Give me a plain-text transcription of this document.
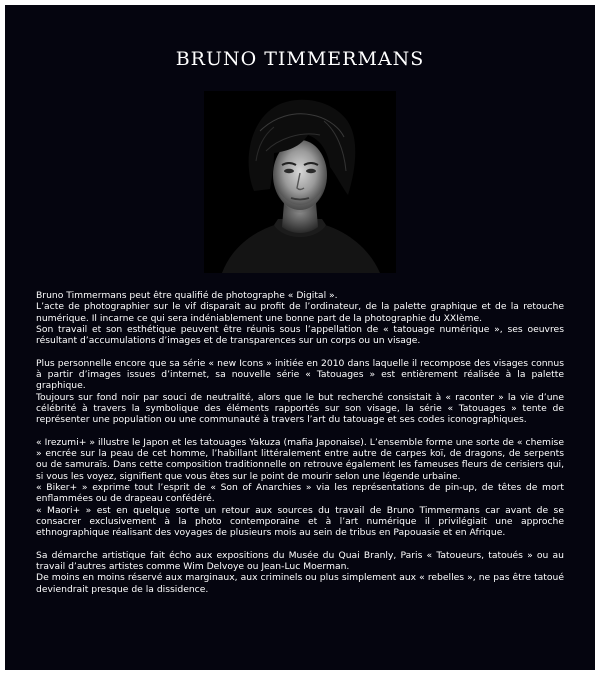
BRUNO TIMMERMANS

Bruno Timmermans peut être qualifié de photographe « Digital ».

L’acte de photographier sur le vif disparait au profit de l’ordinateur, de la palette graphique et de la retouche numérique. Il incarne ce qui sera indéniablement une bonne part de la photographie du XXIème.

Son travail et son esthétique peuvent être réunis sous l’appellation de « tatouage numérique », ses oeuvres résultant d’accumulations d’images et de transparences sur un corps ou un visage.

Plus personnelle encore que sa série « new Icons » initiée en 2010 dans laquelle il recompose des visages connus à partir d’images issues d’internet, sa nouvelle série « Tatouages » est entièrement réalisée à la palette graphique.

Toujours sur fond noir par souci de neutralité, alors que le but recherché consistait à « raconter » la vie d’une célébrité à travers la symbolique des éléments rapportés sur son visage, la série « Tatouages » tente de représenter une population ou une communauté à travers l’art du tatouage et ses codes iconographiques.

« Irezumi+ » illustre le Japon et les tatouages Yakuza (mafia Japonaise). L’ensemble forme une sorte de « chemise » encrée sur la peau de cet homme, l’habillant littéralement entre autre de carpes koï, de dragons, de serpents ou de samuraïs. Dans cette composition traditionnelle on retrouve également les fameuses fleurs de cerisiers qui, si vous les voyez, signifient que vous êtes sur le point de mourir selon une légende urbaine.

« Biker+ » exprime tout l’esprit de « Son of Anarchies » via les représentations de pin-up, de têtes de mort enflammées ou de drapeau confédéré.

« Maori+ » est en quelque sorte un retour aux sources du travail de Bruno Timmermans car avant de se consacrer exclusivement à la photo contemporaine et à l’art numérique il privilégiait une approche ethnographique réalisant des voyages de plusieurs mois au sein de tribus en Papouasie et en Afrique.

Sa démarche artistique fait écho aux expositions du Musée du Quai Branly, Paris « Tatoueurs, tatoués » ou au travail d’autres artistes comme Wim Delvoye ou Jean-Luc Moerman.

De moins en moins réservé aux marginaux, aux criminels ou plus simplement aux « rebelles », ne pas être tatoué deviendrait presque de la dissidence.
